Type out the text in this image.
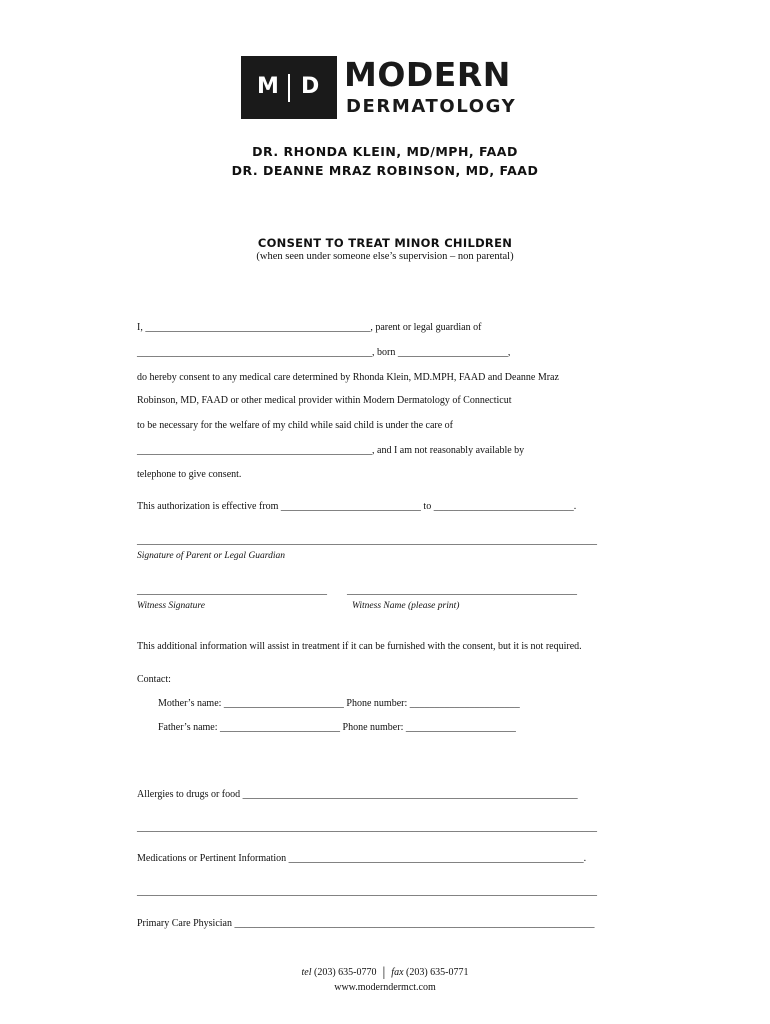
M D MODERN
DERMATOLOGY
DR. RHONDA KLEIN, MD/MPH, FAAD
DR. DEANNE MRAZ ROBINSON, MD, FAAD
CONSENT TO TREAT MINOR CHILDREN
(when seen under someone else’s supervision – non parental)
I, _____________________________________________, parent or legal guardian of
_______________________________________________, born ______________________,
do hereby consent to any medical care determined by Rhonda Klein, MD.MPH, FAAD and Deanne Mraz
Robinson, MD, FAAD or other medical provider within Modern Dermatology of Connecticut
to be necessary for the welfare of my child while said child is under the care of
_______________________________________________, and I am not reasonably available by
telephone to give consent.
This authorization is effective from ____________________________ to ____________________________.
____________________________________________________________________________________________
Signature of Parent or Legal Guardian
______________________________________ ______________________________________________
Witness Signature	Witness Name (please print)
This additional information will assist in treatment if it can be furnished with the consent, but it is not required.
Contact:
Mother’s name: ________________________ Phone number: ______________________
Father’s name: ________________________ Phone number: ______________________
Allergies to drugs or food ___________________________________________________________________
____________________________________________________________________________________________
Medications or Pertinent Information ___________________________________________________________.
____________________________________________________________________________________________
Primary Care Physician ________________________________________________________________________
tel (203) 635-0770 | fax (203) 635-0771
www.moderndermct.com
